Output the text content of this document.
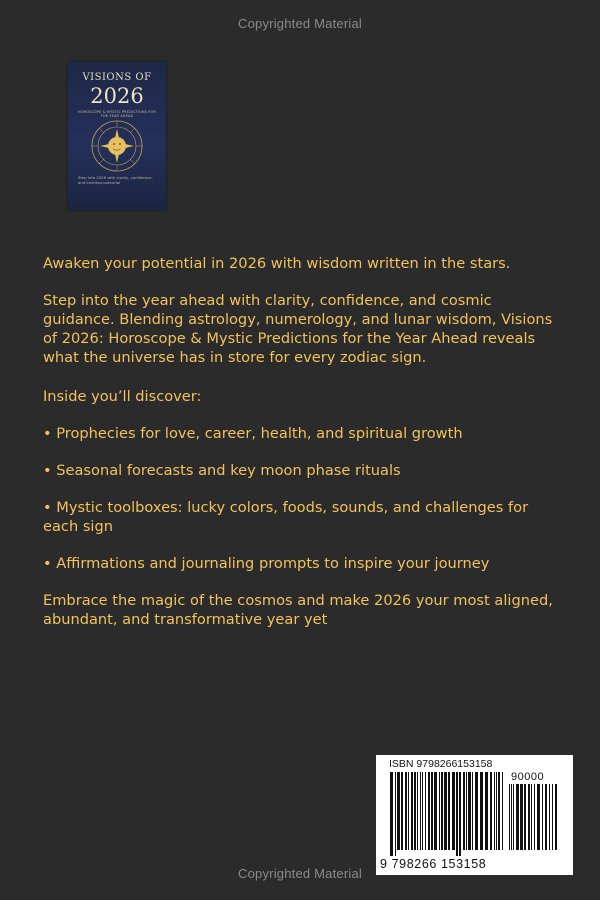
Copyrighted Material
VISIONS OF
2026
HOROSCOPE & MYSTIC PREDICTIONS FOR THE YEAR AHEAD
Step into 2026 with clarity, confidence, and limitless potential

Awaken your potential in 2026 with wisdom written in the stars.

Step into the year ahead with clarity, confidence, and cosmic guidance. Blending astrology, numerology, and lunar wisdom, Visions of 2026: Horoscope & Mystic Predictions for the Year Ahead reveals what the universe has in store for every zodiac sign.

Inside you’ll discover:

• Prophecies for love, career, health, and spiritual growth

• Seasonal forecasts and key moon phase rituals

• Mystic toolboxes: lucky colors, foods, sounds, and challenges for each sign

• Affirmations and journaling prompts to inspire your journey

Embrace the magic of the cosmos and make 2026 your most aligned, abundant, and transformative year yet

ISBN 9798266153158
90000
9 798266 153158
Copyrighted Material
